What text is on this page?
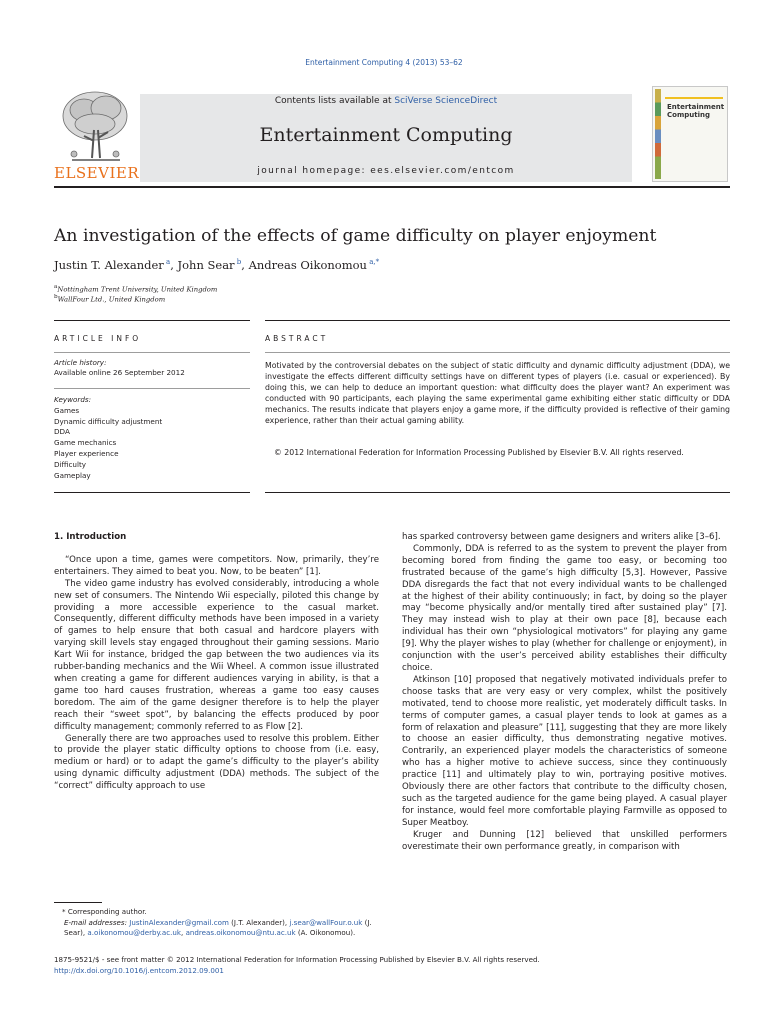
Entertainment Computing 4 (2013) 53–62
ELSEVIER
Contents lists available at SciVerse ScienceDirect
Entertainment Computing
journal homepage: ees.elsevier.com/entcom
Entertainment
Computing
An investigation of the effects of game difficulty on player enjoyment
Justin T. Alexander $^a$, John Sear $^b$, Andreas Oikonomou $^{a,*}$
$^a$Nottingham Trent University, United Kingdom
$^b$WallFour Ltd., United Kingdom
ARTICLE INFO	ABSTRACT
Article history:
Available online 26 September 2012
Keywords:
Games
Dynamic difficulty adjustment
DDA
Game mechanics
Player experience
Difficulty
Gameplay
Motivated by the controversial debates on the subject of static difficulty and dynamic difficulty adjustment (DDA), we investigate the effects different difficulty settings have on different types of players (i.e. casual or experienced). By doing this, we can help to deduce an important question: what difficulty does the player want? An experiment was conducted with 90 participants, each playing the same experimental game exhibiting either static difficulty or DDA mechanics. The results indicate that players enjoy a game more, if the difficulty provided is reflective of their gaming experience, rather than their actual gaming ability.
© 2012 International Federation for Information Processing Published by Elsevier B.V. All rights reserved.
1. Introduction

“Once upon a time, games were competitors. Now, primarily, they’re entertainers. They aimed to beat you. Now, to be beaten” [1].

The video game industry has evolved considerably, introducing a whole new set of consumers. The Nintendo Wii especially, piloted this change by providing a more accessible experience to the casual market. Consequently, different difficulty methods have been imposed in a variety of games to help ensure that both casual and hardcore players with varying skill levels stay engaged throughout their gaming sessions. Mario Kart Wii for instance, bridged the gap between the two audiences via its rubber-banding mechanics and the Wii Wheel. A common issue illustrated when creating a game for different audiences varying in ability, is that a game too hard causes frustration, whereas a game too easy causes boredom. The aim of the game designer therefore is to help the player reach their “sweet spot”, by balancing the effects produced by poor difficulty management; commonly referred to as Flow [2].

Generally there are two approaches used to resolve this problem. Either to provide the player static difficulty options to choose from (i.e. easy, medium or hard) or to adapt the game’s difficulty to the player’s ability using dynamic difficulty adjustment (DDA) methods. The subject of the “correct” difficulty approach to use

has sparked controversy between game designers and writers alike [3–6].

Commonly, DDA is referred to as the system to prevent the player from becoming bored from finding the game too easy, or becoming too frustrated because of the game’s high difficulty [5,3]. However, Passive DDA disregards the fact that not every individual wants to be challenged at the highest of their ability continuously; in fact, by doing so the player may “become physically and/or mentally tired after sustained play” [7]. They may instead wish to play at their own pace [8], because each individual has their own “physiological motivators” for playing any game [9]. Why the player wishes to play (whether for challenge or enjoyment), in conjunction with the user’s perceived ability establishes their difficulty choice.

Atkinson [10] proposed that negatively motivated individuals prefer to choose tasks that are very easy or very complex, whilst the positively motivated, tend to choose more realistic, yet moderately difficult tasks. In terms of computer games, a casual player tends to look at games as a form of relaxation and pleasure” [11], suggesting that they are more likely to choose an easier difficulty, thus demonstrating negative motives. Contrarily, an experienced player models the characteristics of someone who has a higher motive to achieve success, since they continuously practice [11] and ultimately play to win, portraying positive motives. Obviously there are other factors that contribute to the difficulty chosen, such as the targeted audience for the game being played. A casual player for instance, would feel more comfortable playing Farmville as opposed to Super Meatboy.

Kruger and Dunning [12] believed that unskilled performers overestimate their own performance greatly, in comparison with

* Corresponding author.
E-mail addresses: JustinAlexander@gmail.com (J.T. Alexander), j.sear@wallFour.o.uk (J. Sear), a.oikonomou@derby.ac.uk, andreas.oikonomou@ntu.ac.uk (A. Oikonomou).
1875-9521/$ - see front matter © 2012 International Federation for Information Processing Published by Elsevier B.V. All rights reserved.
http://dx.doi.org/10.1016/j.entcom.2012.09.001
